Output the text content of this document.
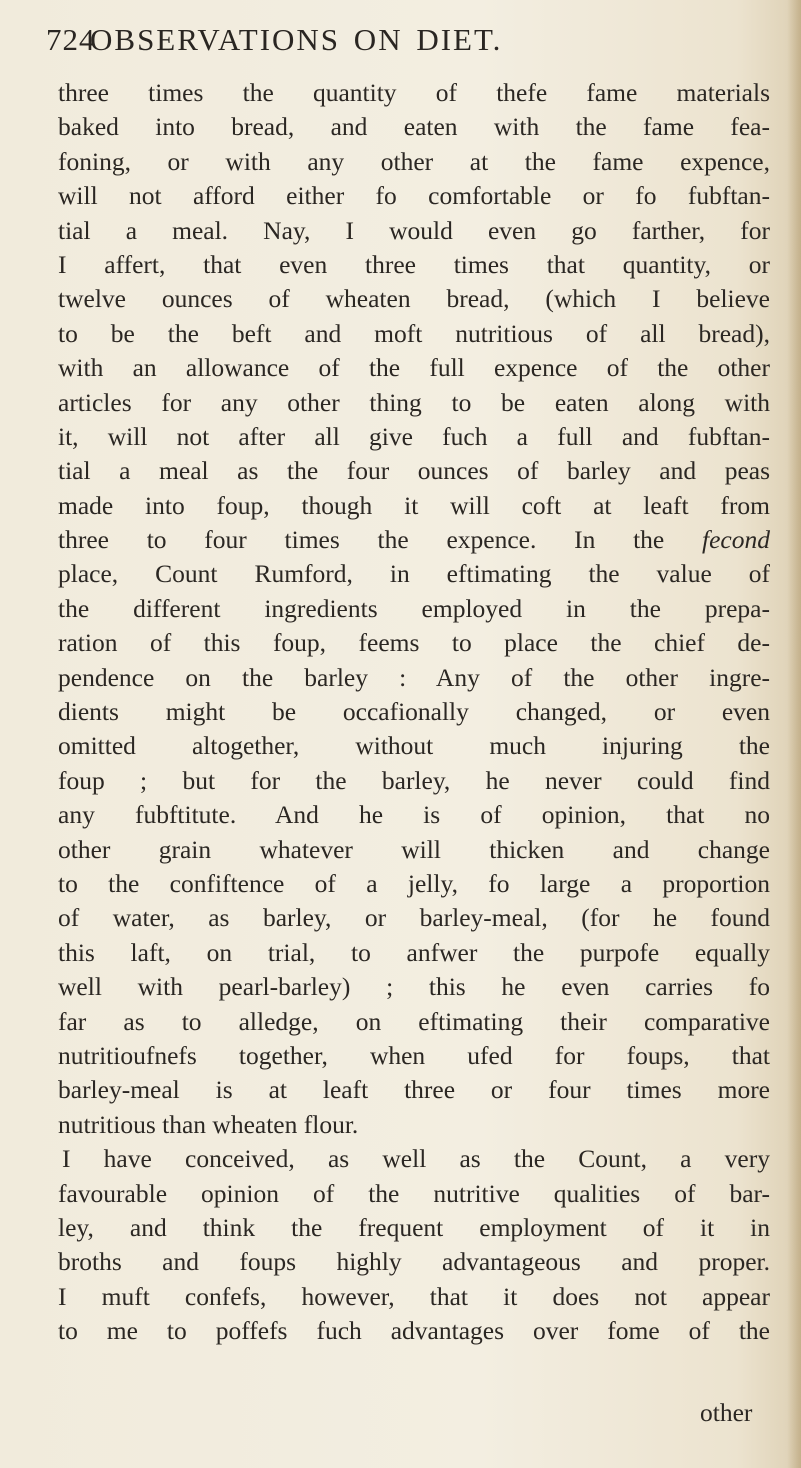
724
OBSERVATIONS ON DIET.
three times the quantity of thefe fame materials
baked into bread, and eaten with the fame fea-
foning, or with any other at the fame expence,
will not afford either fo comfortable or fo fubftan-
tial a meal. Nay, I would even go farther, for
I affert, that even three times that quantity, or
twelve ounces of wheaten bread, (which I believe
to be the beft and moft nutritious of all bread),
with an allowance of the full expence of the other
articles for any other thing to be eaten along with
it, will not after all give fuch a full and fubftan-
tial a meal as the four ounces of barley and peas
made into foup, though it will coft at leaft from
three to four times the expence. In the fecond
place, Count Rumford, in eftimating the value of
the different ingredients employed in the prepa-
ration of this foup, feems to place the chief de-
pendence on the barley : Any of the other ingre-
dients might be occafionally changed, or even
omitted altogether, without much injuring the
foup ; but for the barley, he never could find
any fubftitute. And he is of opinion, that no
other grain whatever will thicken and change
to the confiftence of a jelly, fo large a proportion
of water, as barley, or barley-meal, (for he found
this laft, on trial, to anfwer the purpofe equally
well with pearl-barley) ; this he even carries fo
far as to alledge, on eftimating their comparative
nutritioufnefs together, when ufed for foups, that
barley-meal is at leaft three or four times more
nutritious than wheaten flour.
I have conceived, as well as the Count, a very
favourable opinion of the nutritive qualities of bar-
ley, and think the frequent employment of it in
broths and foups highly advantageous and proper.
I muft confefs, however, that it does not appear
to me to poffefs fuch advantages over fome of the
other
